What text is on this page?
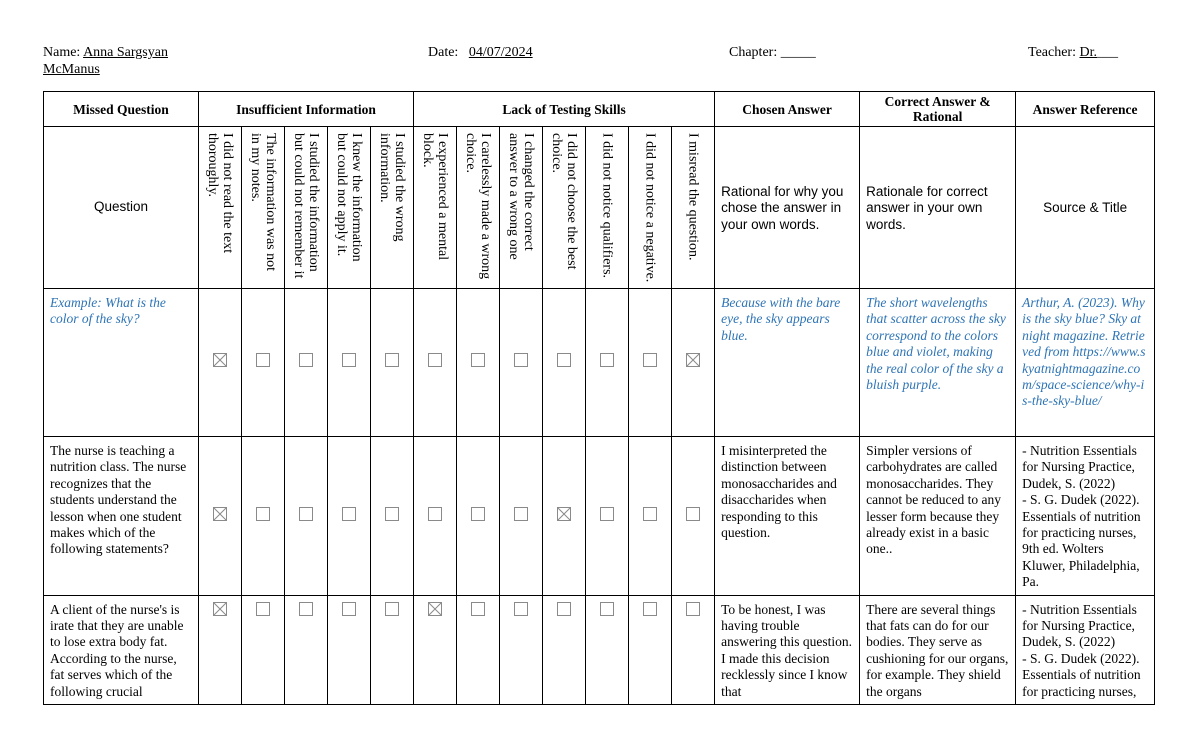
Name: Anna Sargsyan
McManus
Date: 04/07/2024	Chapter: _____	Teacher: Dr.___
Missed Question	Insufficient Information					Lack of Testing Skills							Chosen Answer	Correct Answer & Rational	Answer Reference
Question	I did not read the text thoroughly.	The information was not in my notes.	I studied the information but could not remember it	I knew the information but could not apply it.	I studied the wrong information.	I experienced a mental block.	I carelessly made a wrong choice.	I changed the correct answer to a wrong one	I did not choose the best choice.	I did not notice qualifiers.	I did not notice a negative.	I misread the question.	Rational for why you chose the answer in your own words.	Rationale for correct answer in your own words.	Source & Title
Example: What is the color of the sky?													Because with the bare eye, the sky appears blue.	The short wavelengths that scatter across the sky correspond to the colors blue and violet, making the real color of the sky a bluish purple.	Arthur, A. (2023). Why is the sky blue? Sky at night magazine. Retrieved from https://www.skyatnightmagazine.com/space-science/why-is-the-sky-blue/
The nurse is teaching a nutrition class. The nurse recognizes that the students understand the lesson when one student makes which of the following statements?													I misinterpreted the distinction between monosaccharides and disaccharides when responding to this question.	Simpler versions of carbohydrates are called monosaccharides. They cannot be reduced to any lesser form because they already exist in a basic one..	- Nutrition Essentials for Nursing Practice, Dudek, S. (2022)
- S. G. Dudek (2022). Essentials of nutrition for practicing nurses, 9th ed. Wolters Kluwer, Philadelphia, Pa.
A client of the nurse's is irate that they are unable to lose extra body fat. According to the nurse, fat serves which of the following crucial													To be honest, I was having trouble answering this question. I made this decision recklessly since I know that	There are several things that fats can do for our bodies. They serve as cushioning for our organs, for example. They shield the organs	- Nutrition Essentials for Nursing Practice, Dudek, S. (2022)
- S. G. Dudek (2022). Essentials of nutrition for practicing nurses,
